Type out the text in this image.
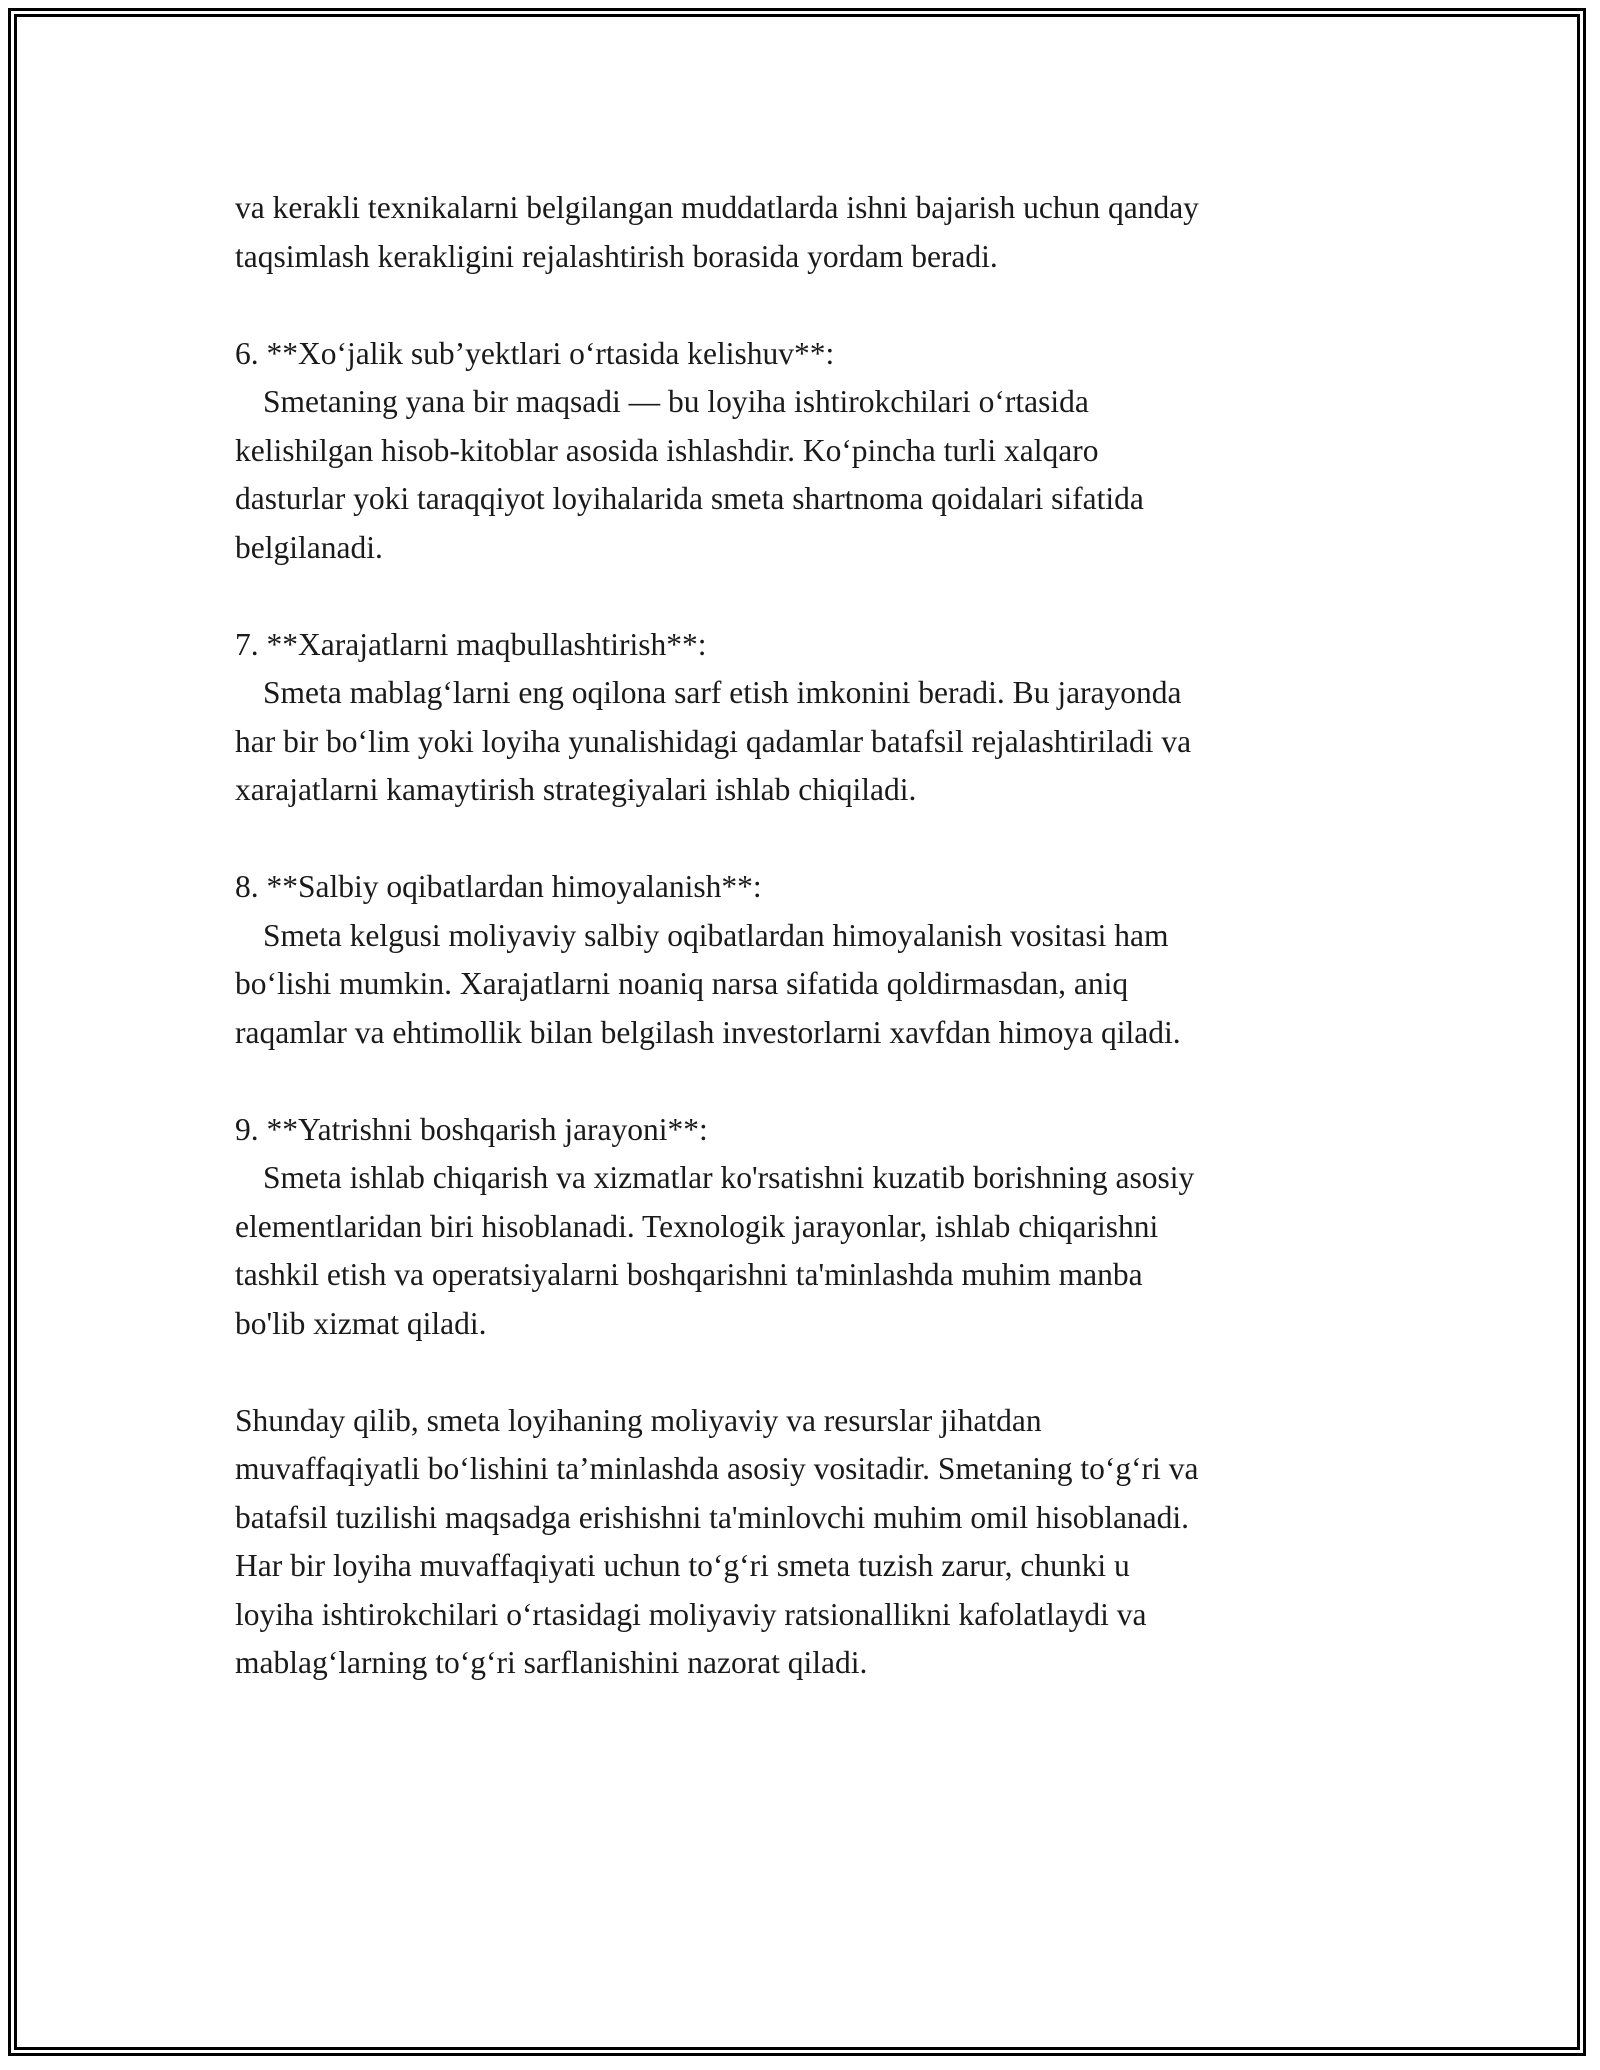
va kerakli texnikalarni belgilangan muddatlarda ishni bajarish uchun qanday
taqsimlash kerakligini rejalashtirish borasida yordam beradi.
6. **Xo‘jalik sub’yektlari o‘rtasida kelishuv**:
Smetaning yana bir maqsadi — bu loyiha ishtirokchilari o‘rtasida
kelishilgan hisob-kitoblar asosida ishlashdir. Ko‘pincha turli xalqaro
dasturlar yoki taraqqiyot loyihalarida smeta shartnoma qoidalari sifatida
belgilanadi.
7. **Xarajatlarni maqbullashtirish**:
Smeta mablag‘larni eng oqilona sarf etish imkonini beradi. Bu jarayonda
har bir bo‘lim yoki loyiha yunalishidagi qadamlar batafsil rejalashtiriladi va
xarajatlarni kamaytirish strategiyalari ishlab chiqiladi.
8. **Salbiy oqibatlardan himoyalanish**:
Smeta kelgusi moliyaviy salbiy oqibatlardan himoyalanish vositasi ham
bo‘lishi mumkin. Xarajatlarni noaniq narsa sifatida qoldirmasdan, aniq
raqamlar va ehtimollik bilan belgilash investorlarni xavfdan himoya qiladi.
9. **Yatrishni boshqarish jarayoni**:
Smeta ishlab chiqarish va xizmatlar ko'rsatishni kuzatib borishning asosiy
elementlaridan biri hisoblanadi. Texnologik jarayonlar, ishlab chiqarishni
tashkil etish va operatsiyalarni boshqarishni ta'minlashda muhim manba
bo'lib xizmat qiladi.
Shunday qilib, smeta loyihaning moliyaviy va resurslar jihatdan
muvaffaqiyatli bo‘lishini ta’minlashda asosiy vositadir. Smetaning to‘g‘ri va
batafsil tuzilishi maqsadga erishishni ta'minlovchi muhim omil hisoblanadi.
Har bir loyiha muvaffaqiyati uchun to‘g‘ri smeta tuzish zarur, chunki u
loyiha ishtirokchilari o‘rtasidagi moliyaviy ratsionallikni kafolatlaydi va
mablag‘larning to‘g‘ri sarflanishini nazorat qiladi.
